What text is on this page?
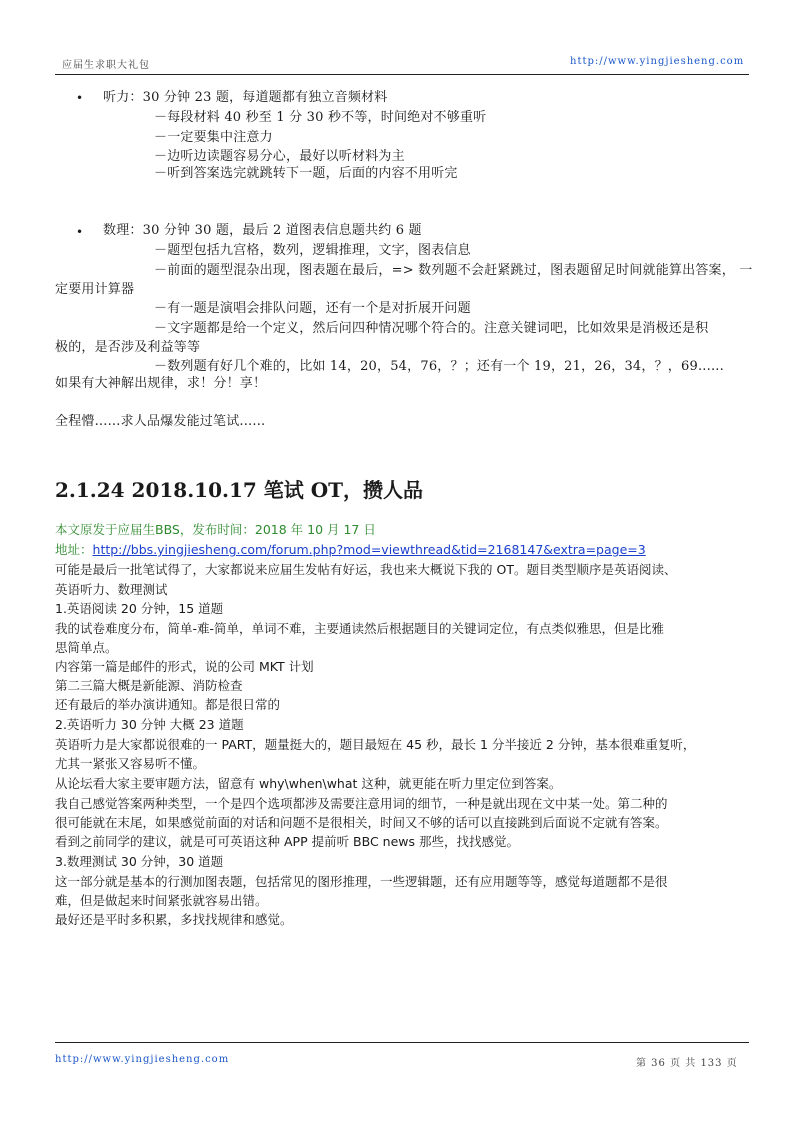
应届生求职大礼包	http://www.yingjiesheng.com
• 听力：30 分钟 23 题，每道题都有独立音频材料
－每段材料 40 秒至 1 分 30 秒不等，时间绝对不够重听
－一定要集中注意力
－边听边读题容易分心，最好以听材料为主
－听到答案选完就跳转下一题，后面的内容不用听完
• 数理：30 分钟 30 题，最后 2 道图表信息题共约 6 题
－题型包括九宫格，数列，逻辑推理，文字，图表信息
－前面的题型混杂出现，图表题在最后，=> 数列题不会赶紧跳过，图表题留足时间就能算出答案， 一
定要用计算器
－有一题是演唱会排队问题，还有一个是对折展开问题
－文字题都是给一个定义，然后问四种情况哪个符合的。注意关键词吧，比如效果是消极还是积
极的，是否涉及利益等等
－数列题有好几个难的，比如 14，20，54，76，？；还有一个 19，21，26，34，？，69......
如果有大神解出规律，求！分！享！
全程懵......求人品爆发能过笔试......
2.1.24 2018.10.17 笔试 OT，攒人品
本文原发于应届生BBS，发布时间：2018 年 10 月 17 日
地址：http://bbs.yingjiesheng.com/forum.php?mod=viewthread&tid=2168147&extra=page=3
可能是最后一批笔试得了，大家都说来应届生发帖有好运，我也来大概说下我的 OT。题目类型顺序是英语阅读、
英语听力、数理测试
1.英语阅读 20 分钟，15 道题
我的试卷难度分布，简单-难-简单，单词不难，主要通读然后根据题目的关键词定位，有点类似雅思，但是比雅
思简单点。
内容第一篇是邮件的形式，说的公司 MKT 计划
第二三篇大概是新能源、消防检查
还有最后的举办演讲通知。都是很日常的
2.英语听力 30 分钟 大概 23 道题
英语听力是大家都说很难的一 PART，题量挺大的，题目最短在 45 秒，最长 1 分半接近 2 分钟，基本很难重复听，
尤其一紧张又容易听不懂。
从论坛看大家主要审题方法，留意有 why\when\what 这种，就更能在听力里定位到答案。
我自己感觉答案两种类型，一个是四个选项都涉及需要注意用词的细节，一种是就出现在文中某一处。第二种的
很可能就在末尾，如果感觉前面的对话和问题不是很相关，时间又不够的话可以直接跳到后面说不定就有答案。
看到之前同学的建议，就是可可英语这种 APP 提前听 BBC news 那些，找找感觉。
3.数理测试 30 分钟，30 道题
这一部分就是基本的行测加图表题，包括常见的图形推理，一些逻辑题，还有应用题等等，感觉每道题都不是很
难，但是做起来时间紧张就容易出错。
最好还是平时多积累，多找找规律和感觉。
http://www.yingjiesheng.com	第 36 页 共 133 页
